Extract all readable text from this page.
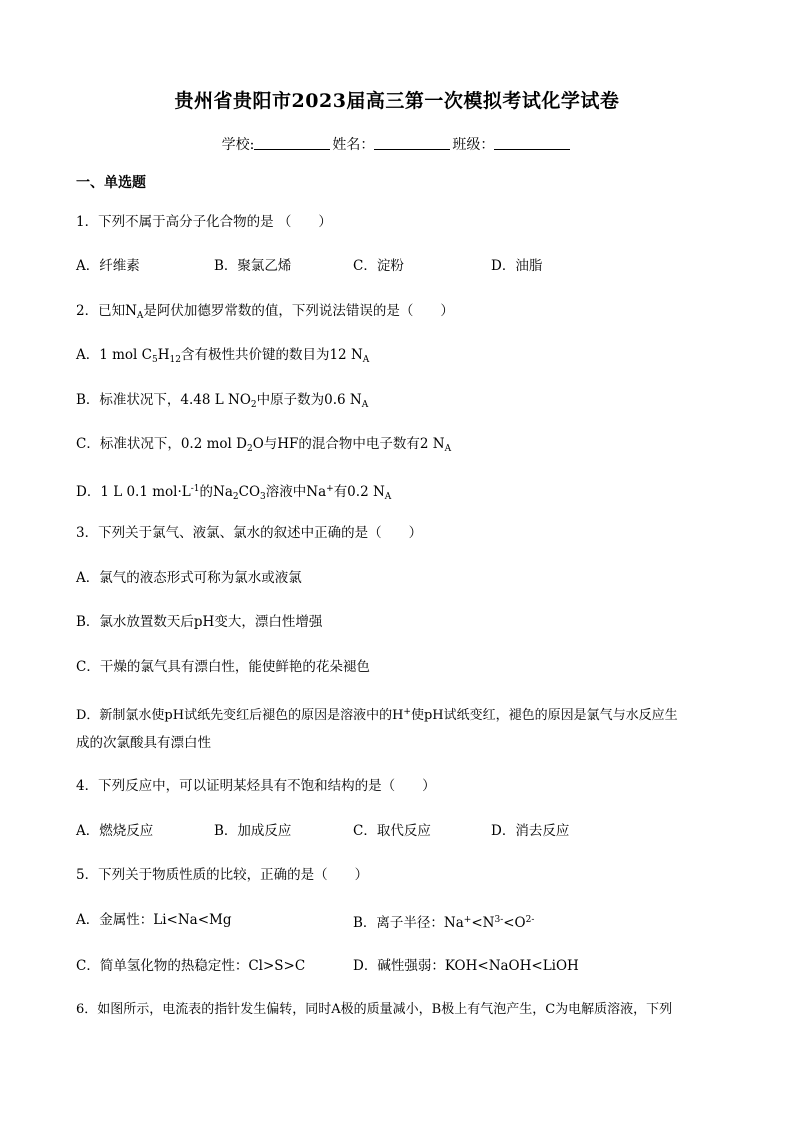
贵州省贵阳市2023届高三第一次模拟考试化学试卷
学校:	姓名：	班级：
一、单选题
1．下列不属于高分子化合物的是 （　　）
A．纤维素	B．聚氯乙烯	C．淀粉	D．油脂
2．已知$N_A$是阿伏加德罗常数的值，下列说法错误的是（　　）
A．1 mol $C_5H_{12}$含有极性共价键的数目为12 $N_A$
B．标准状况下，4.48 L $NO_2$中原子数为0.6 $N_A$
C．标准状况下，0.2 mol $D_2O$与HF的混合物中电子数有2 $N_A$
D．1 L 0.1 $mol\cdot L^{-1}$的$Na_2CO_3$溶液中Na+有0.2 $N_A$
3．下列关于氯气、液氯、氯水的叙述中正确的是（　　）
A．氯气的液态形式可称为氯水或液氯
B．氯水放置数天后pH变大，漂白性增强
C．干燥的氯气具有漂白性，能使鲜艳的花朵褪色
D．新制氯水使pH试纸先变红后褪色的原因是溶液中的H+使pH试纸变红，褪色的原因是氯气与水反应生
成的次氯酸具有漂白性
4．下列反应中，可以证明某烃具有不饱和结构的是（　　）
A．燃烧反应	B．加成反应	C．取代反应	D．消去反应
5．下列关于物质性质的比较，正确的是（　　）
A．金属性：Li<Na<Mg	B．离子半径：$Na^+<N^{3-}<O^{2-}$
C．简单氢化物的热稳定性：Cl>S>C	D．碱性强弱：KOH<NaOH<LiOH
6．如图所示，电流表的指针发生偏转，同时A极的质量减小，B极上有气泡产生，C为电解质溶液，下列
